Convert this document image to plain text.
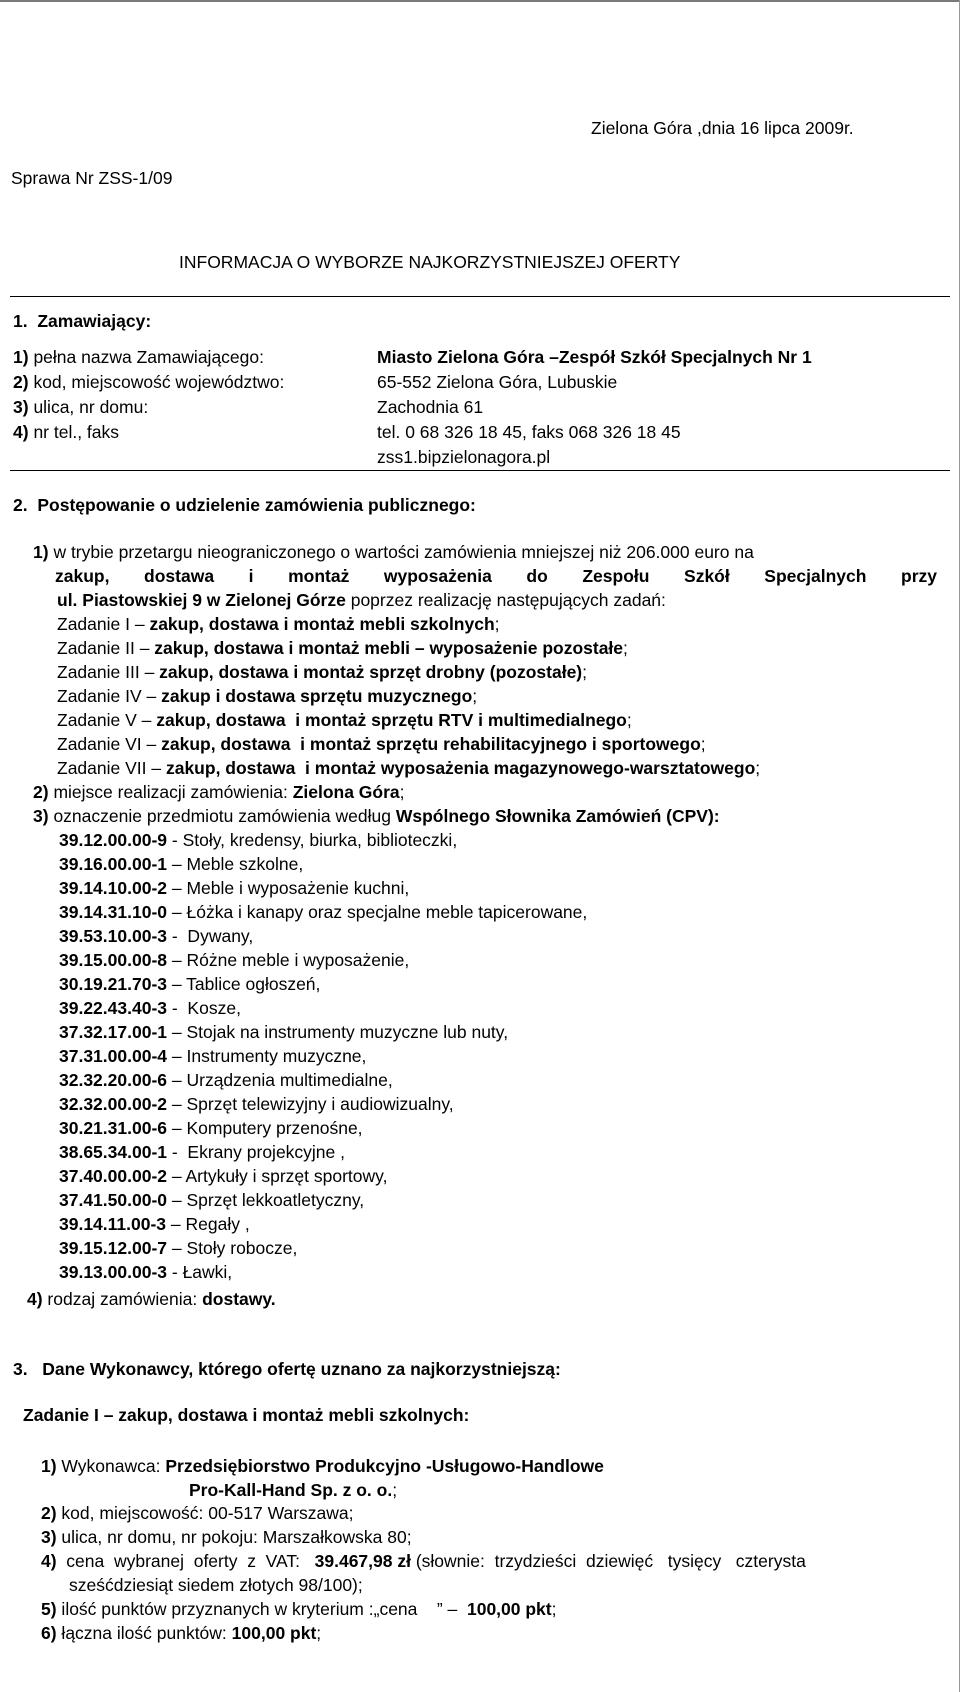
Zielona Góra ,dnia 16 lipca 2009r.
Sprawa Nr ZSS-1/09
INFORMACJA O WYBORZE NAJKORZYSTNIEJSZEJ OFERTY
1. Zamawiający:
1) pełna nazwa Zamawiającego:	Miasto Zielona Góra –Zespół Szkół Specjalnych Nr 1
2) kod, miejscowość województwo:	65-552 Zielona Góra, Lubuskie
3) ulica, nr domu:	Zachodnia 61
4) nr tel., faks	tel. 0 68 326 18 45, faks 068 326 18 45
zss1.bipzielonagora.pl
2. Postępowanie o udzielenie zamówienia publicznego:
1) w trybie przetargu nieograniczonego o wartości zamówienia mniejszej niż 206.000 euro na
zakup, dostawa i montaż wyposażenia do Zespołu Szkół Specjalnych przy
ul. Piastowskiej 9 w Zielonej Górze poprzez realizację następujących zadań:
Zadanie I – zakup, dostawa i montaż mebli szkolnych;
Zadanie II – zakup, dostawa i montaż mebli – wyposażenie pozostałe;
Zadanie III – zakup, dostawa i montaż sprzęt drobny (pozostałe);
Zadanie IV – zakup i dostawa sprzętu muzycznego;
Zadanie V – zakup, dostawa  i montaż sprzętu RTV i multimedialnego;
Zadanie VI – zakup, dostawa  i montaż sprzętu rehabilitacyjnego i sportowego;
Zadanie VII – zakup, dostawa  i montaż wyposażenia magazynowego-warsztatowego;
2) miejsce realizacji zamówienia: Zielona Góra;
3) oznaczenie przedmiotu zamówienia według Wspólnego Słownika Zamówień (CPV):
39.12.00.00-9 - Stoły, kredensy, biurka, biblioteczki,
39.16.00.00-1 – Meble szkolne,
39.14.10.00-2 – Meble i wyposażenie kuchni,
39.14.31.10-0 – Łóżka i kanapy oraz specjalne meble tapicerowane,
39.53.10.00-3 -  Dywany,
39.15.00.00-8 – Różne meble i wyposażenie,
30.19.21.70-3 – Tablice ogłoszeń,
39.22.43.40-3 -  Kosze,
37.32.17.00-1 – Stojak na instrumenty muzyczne lub nuty,
37.31.00.00-4 – Instrumenty muzyczne,
32.32.20.00-6 – Urządzenia multimedialne,
32.32.00.00-2 – Sprzęt telewizyjny i audiowizualny,
30.21.31.00-6 – Komputery przenośne,
38.65.34.00-1 -  Ekrany projekcyjne ,
37.40.00.00-2 – Artykuły i sprzęt sportowy,
37.41.50.00-0 – Sprzęt lekkoatletyczny,
39.14.11.00-3 – Regały ,
39.15.12.00-7 – Stoły robocze,
39.13.00.00-3 - Ławki,
4) rodzaj zamówienia: dostawy.
3. Dane Wykonawcy, którego ofertę uznano za najkorzystniejszą:
Zadanie I – zakup, dostawa i montaż mebli szkolnych:
1) Wykonawca: Przedsiębiorstwo Produkcyjno -Usługowo-Handlowe
Pro-Kall-Hand Sp. z o. o.;
2) kod, miejscowość: 00-517 Warszawa;
3) ulica, nr domu, nr pokoju: Marszałkowska 80;
4)  cena  wybranej  oferty  z  VAT:   39.467,98 zł (słownie:  trzydzieści  dziewięć   tysięcy   czterysta
sześćdziesiąt siedem złotych 98/100);
5) ilość punktów przyznanych w kryterium :„cena    ” –  100,00 pkt;
6) łączna ilość punktów: 100,00 pkt;
